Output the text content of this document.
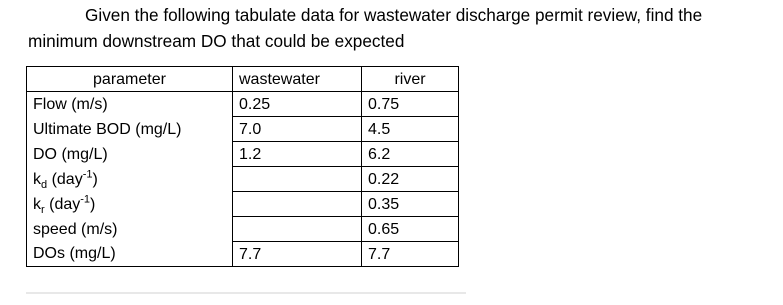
Given the following tabulate data for wastewater discharge permit review, find the
minimum downstream DO that could be expected
parameter	wastewater	river
Flow (m/s)	0.25	0.75
Ultimate BOD (mg/L)	7.0	4.5
DO (mg/L)	1.2	6.2
$k_d$ (day$^{-1}$)		0.22
$k_r$ (day$^{-1}$)		0.35
speed (m/s)		0.65
DOs (mg/L)	7.7	7.7
